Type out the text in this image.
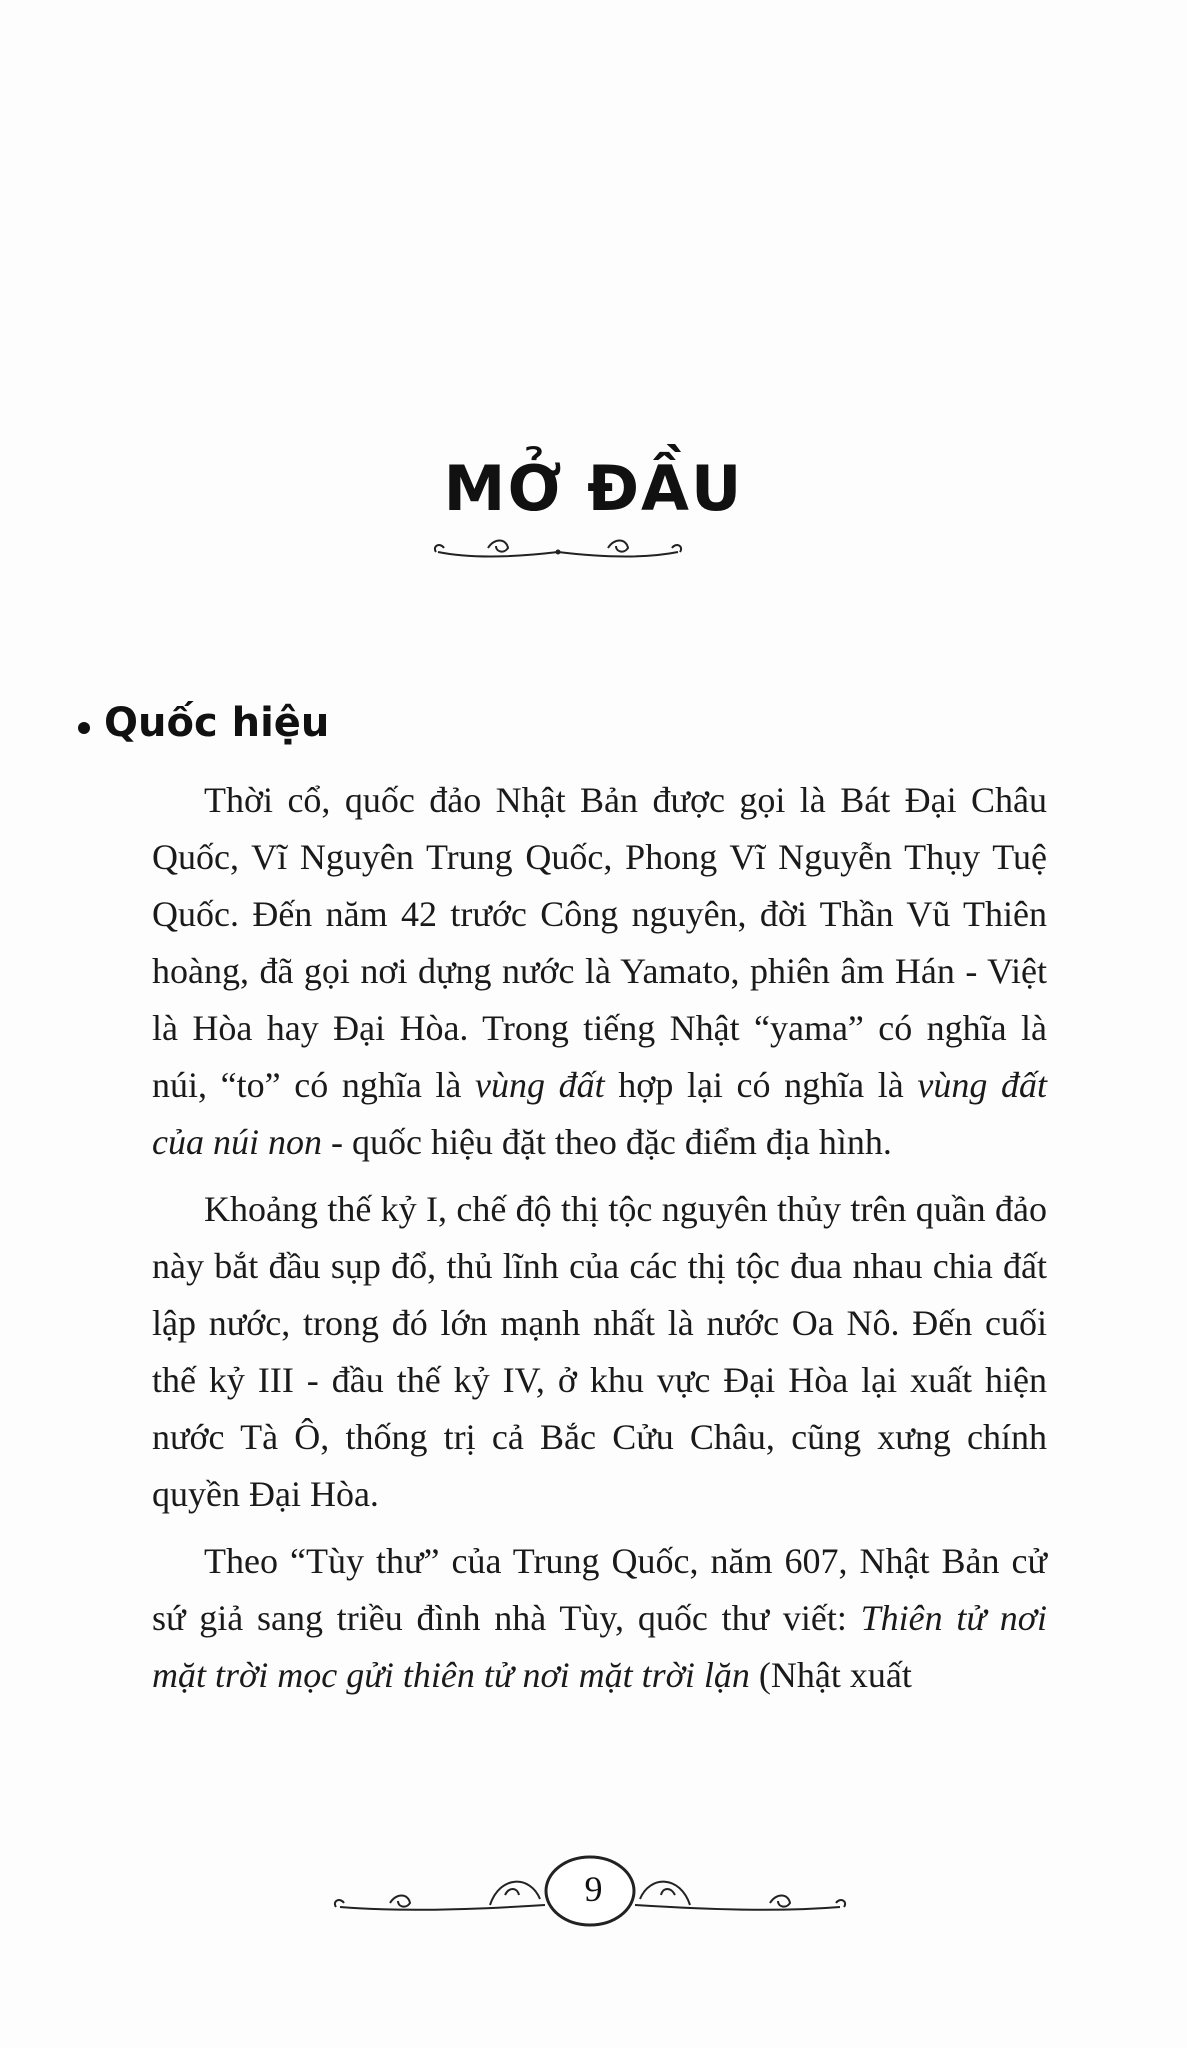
MỞ ĐẦU
Quốc hiệu

Thời cổ, quốc đảo Nhật Bản được gọi là Bát Đại Châu Quốc, Vĩ Nguyên Trung Quốc, Phong Vĩ Nguyễn Thụy Tuệ Quốc. Đến năm 42 trước Công nguyên, đời Thần Vũ Thiên hoàng, đã gọi nơi dựng nước là Yamato, phiên âm Hán - Việt là Hòa hay Đại Hòa. Trong tiếng Nhật “yama” có nghĩa là núi, “to” có nghĩa là vùng đất hợp lại có nghĩa là vùng đất của núi non - quốc hiệu đặt theo đặc điểm địa hình.

Khoảng thế kỷ I, chế độ thị tộc nguyên thủy trên quần đảo này bắt đầu sụp đổ, thủ lĩnh của các thị tộc đua nhau chia đất lập nước, trong đó lớn mạnh nhất là nước Oa Nô. Đến cuối thế kỷ III - đầu thế kỷ IV, ở khu vực Đại Hòa lại xuất hiện nước Tà Ô, thống trị cả Bắc Cửu Châu, cũng xưng chính quyền Đại Hòa.

Theo “Tùy thư” của Trung Quốc, năm 607, Nhật Bản cử sứ giả sang triều đình nhà Tùy, quốc thư viết: Thiên tử nơi mặt trời mọc gửi thiên tử nơi mặt trời lặn (Nhật xuất

9
